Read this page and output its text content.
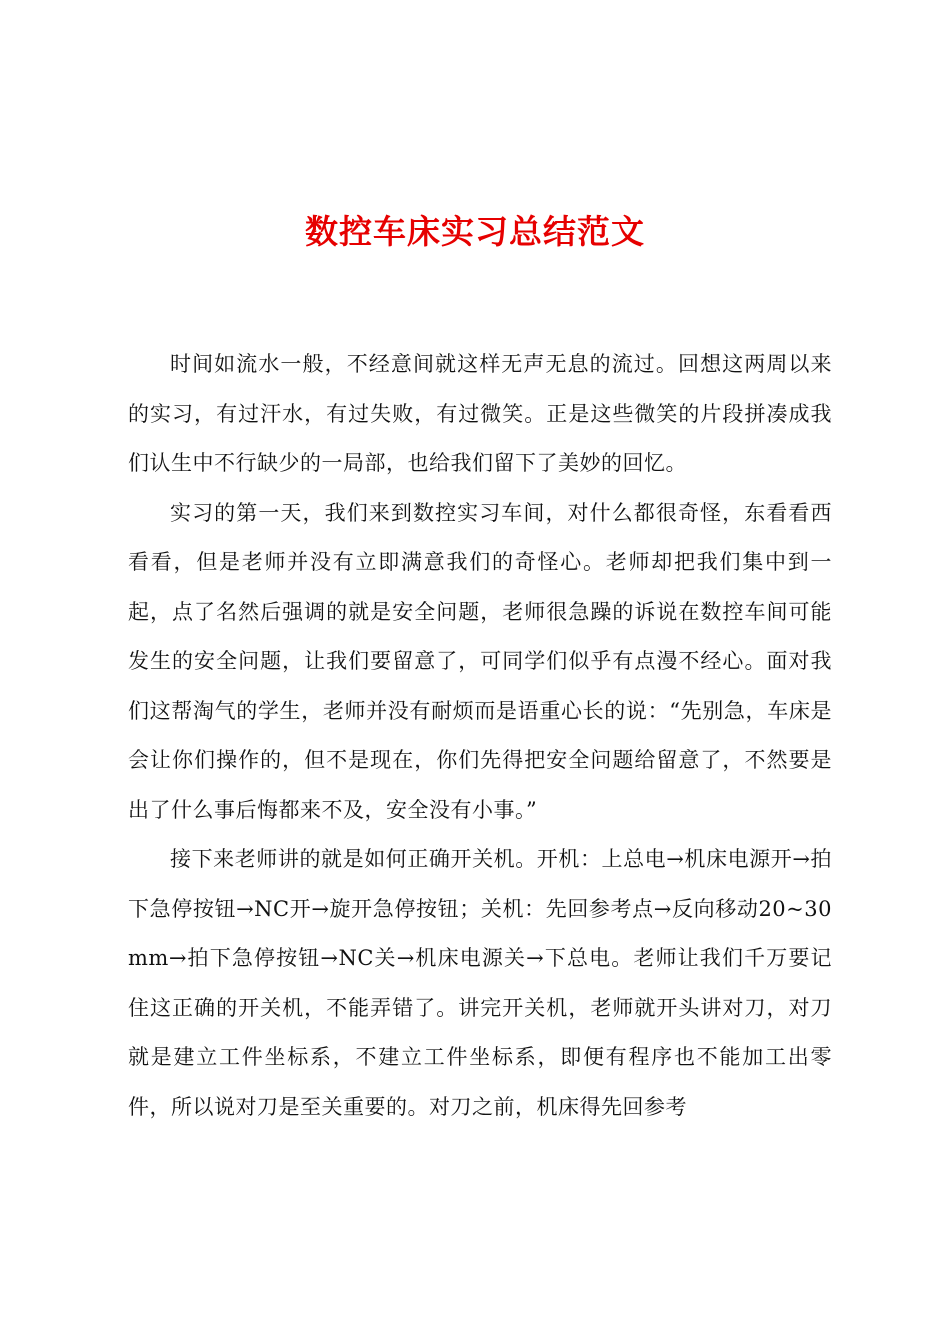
数控车床实习总结范文

时间如流水一般，不经意间就这样无声无息的流过。回想这两周以来的实习，有过汗水，有过失败，有过微笑。正是这些微笑的片段拼凑成我们认生中不行缺少的一局部，也给我们留下了美妙的回忆。

实习的第一天，我们来到数控实习车间，对什么都很奇怪，东看看西看看，但是老师并没有立即满意我们的奇怪心。老师却把我们集中到一起，点了名然后强调的就是安全问题，老师很急躁的诉说在数控车间可能发生的安全问题，让我们要留意了，可同学们似乎有点漫不经心。面对我们这帮淘气的学生，老师并没有耐烦而是语重心长的说：“先别急，车床是会让你们操作的，但不是现在，你们先得把安全问题给留意了，不然要是出了什么事后悔都来不及，安全没有小事。”

接下来老师讲的就是如何正确开关机。开机：上总电→机床电源开→拍下急停按钮→NC开→旋开急停按钮；关机：先回参考点→反向移动20~30mm→拍下急停按钮→NC关→机床电源关→下总电。老师让我们千万要记住这正确的开关机，不能弄错了。讲完开关机，老师就开头讲对刀，对刀就是建立工件坐标系，不建立工件坐标系，即便有程序也不能加工出零件，所以说对刀是至关重要的。对刀之前，机床得先回参考
